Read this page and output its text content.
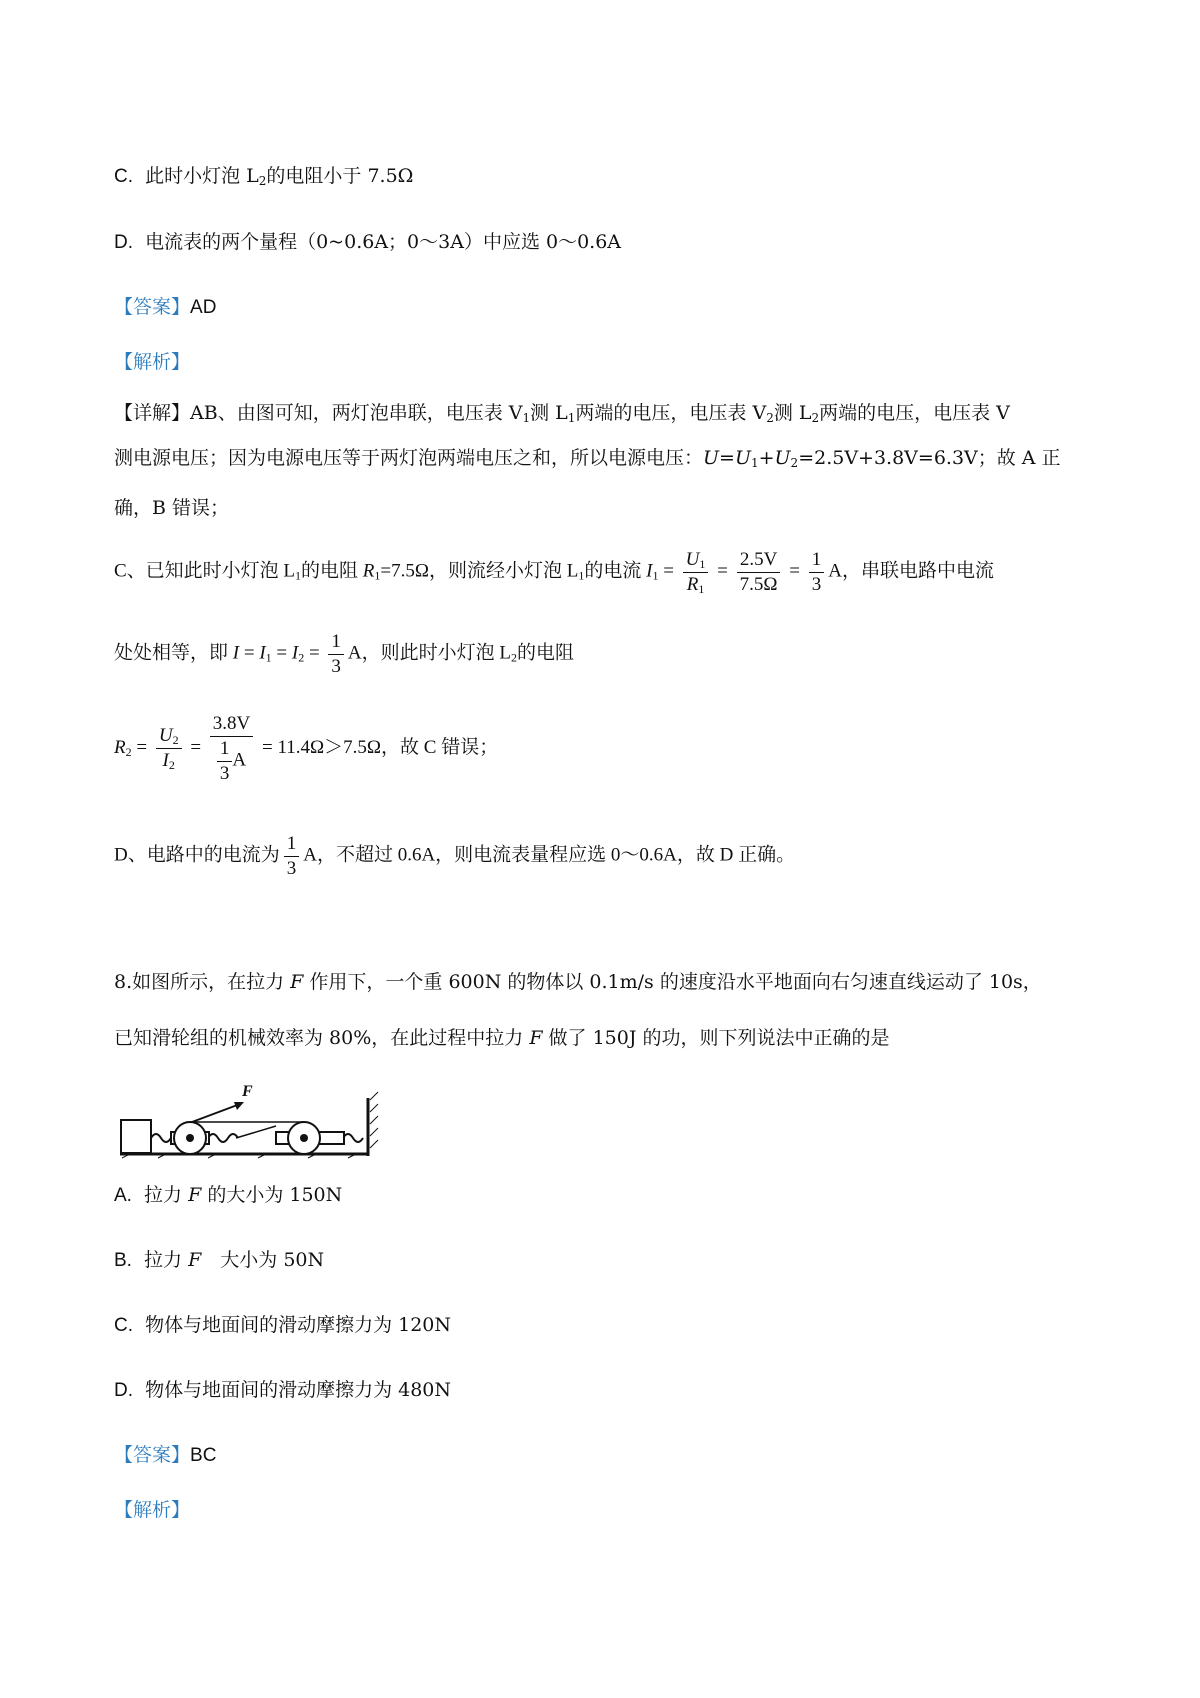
C. 此时小灯泡 $L_2$的电阻小于 7.5Ω
D. 电流表的两个量程（0~0.6A；0～3A）中应选 0～0.6A
【答案】AD
【解析】
【详解】AB、由图可知，两灯泡串联，电压表 $V_1$测 $L_1$两端的电压，电压表 $V_2$测 $L_2$两端的电压，电压表 V
测电源电压；因为电源电压等于两灯泡两端电压之和，所以电源电压：$U=U_1+U_2=2.5V+3.8V=6.3V$；故 A 正
确，B 错误；
C、已知此时小灯泡 $L_1$的电阻 $R_1=7.5\Omega$，则流经小灯泡 $L_1$的电流 $I_1 = \frac{U_1}{R_1} = \frac{2.5V}{7.5\Omega} = \frac{1}{3}$ A，串联电路中电流
处处相等，即 $I = I_1 = I_2 = \frac{1}{3}$ A，则此时小灯泡 $L_2$的电阻
$R_2 = \frac{U_2}{I_2} = \frac{3.8V}{\frac{1}{3} A} = 11.4\Omega>7.5\Omega$，故 C 错误；
D、电路中的电流为 $\frac{1}{3}$ A，不超过 0.6A，则电流表量程应选 0～0.6A，故 D 正确。
8.如图所示，在拉力 F 作用下，一个重 600N 的物体以 0.1m/s 的速度沿水平地面向右匀速直线运动了 10s，
已知滑轮组的机械效率为 80%，在此过程中拉力 F 做了 150J 的功，则下列说法中正确的是
F
A. 拉力 F 的大小为 150N
B. 拉力 F　大小为 50N
C. 物体与地面间的滑动摩擦力为 120N
D. 物体与地面间的滑动摩擦力为 480N
【答案】BC
【解析】
